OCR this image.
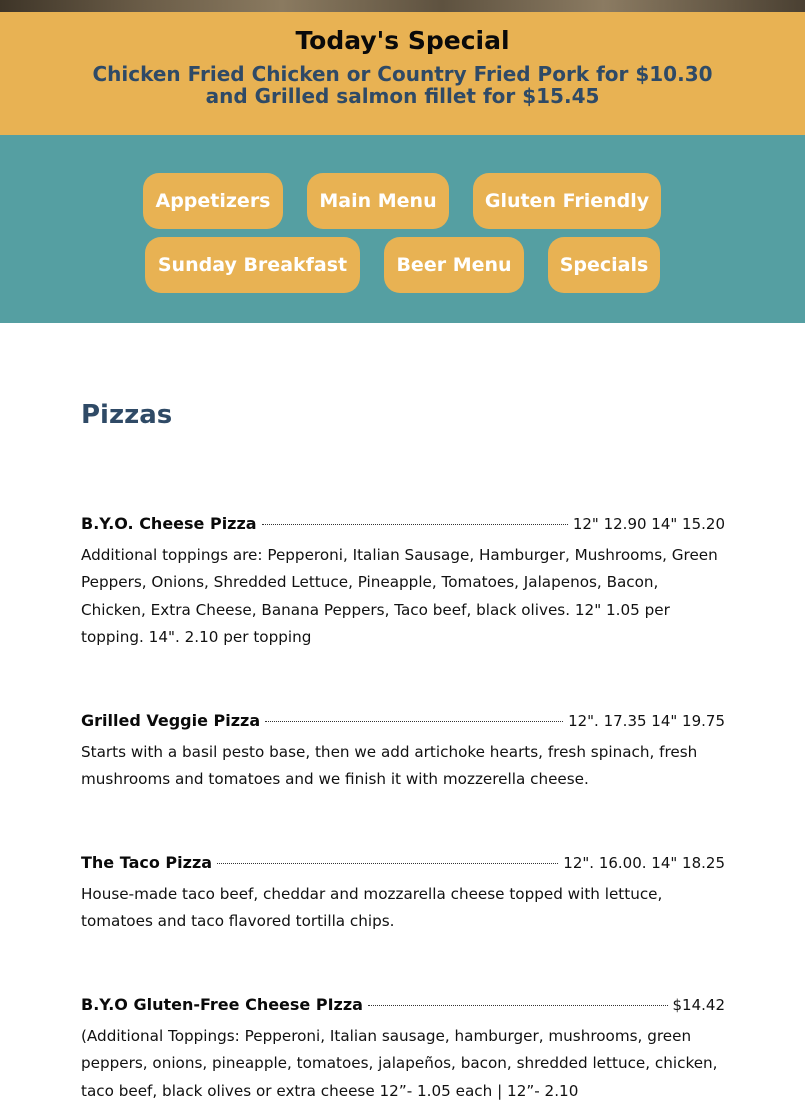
Today's Special
Chicken Fried Chicken or Country Fried Pork for $10.30
and Grilled salmon fillet for $15.45
Appetizers	Main Menu	Gluten Friendly
Sunday Breakfast	Beer Menu	Specials
Pizzas
B.Y.O. Cheese Pizza	12" 12.90 14" 15.20
Additional toppings are: Pepperoni, Italian Sausage, Hamburger, Mushrooms, Green Peppers, Onions, Shredded Lettuce, Pineapple, Tomatoes, Jalapenos, Bacon, Chicken, Extra Cheese, Banana Peppers, Taco beef, black olives. 12" 1.05 per topping. 14". 2.10 per topping
Grilled Veggie Pizza	12". 17.35 14" 19.75
Starts with a basil pesto base, then we add artichoke hearts, fresh spinach, fresh mushrooms and tomatoes and we finish it with mozzerella cheese.
The Taco Pizza	12". 16.00. 14" 18.25
House-made taco beef, cheddar and mozzarella cheese topped with lettuce, tomatoes and taco flavored tortilla chips.
B.Y.O Gluten-Free Cheese PIzza	$14.42
(Additional Toppings: Pepperoni, Italian sausage, hamburger, mushrooms, green peppers, onions, pineapple, tomatoes, jalapeños, bacon, shredded lettuce, chicken, taco beef, black olives or extra cheese 12”- 1.05 each | 12”- 2.10
